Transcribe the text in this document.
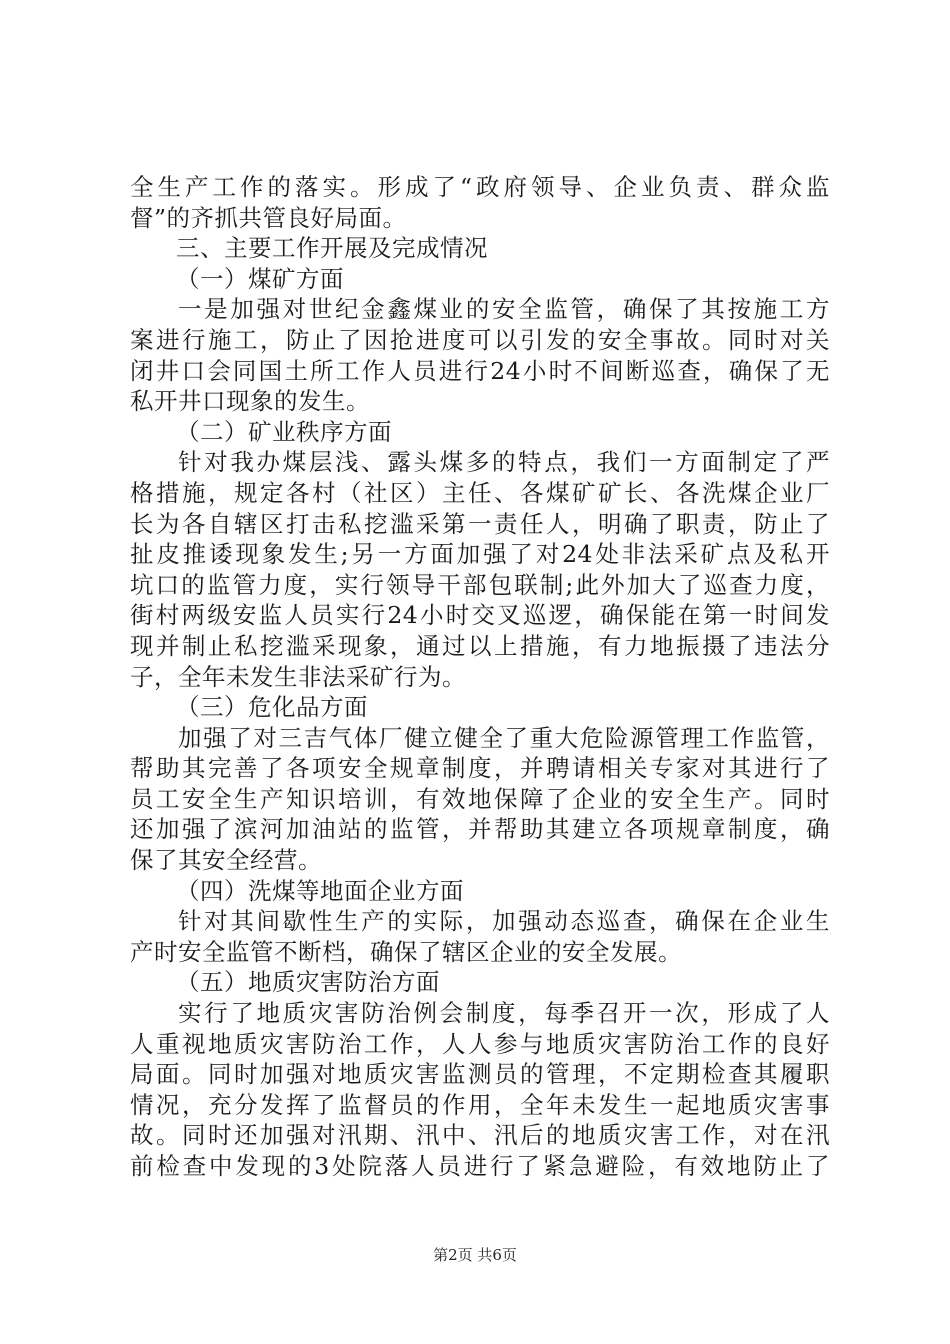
全生产工作的落实。形成了“政府领导、企业负责、群众监
督”的齐抓共管良好局面。
三、主要工作开展及完成情况
（一）煤矿方面
一是加强对世纪金鑫煤业的安全监管，确保了其按施工方
案进行施工，防止了因抢进度可以引发的安全事故。同时对关
闭井口会同国土所工作人员进行24小时不间断巡查，确保了无
私开井口现象的发生。
（二）矿业秩序方面
针对我办煤层浅、露头煤多的特点，我们一方面制定了严
格措施，规定各村（社区）主任、各煤矿矿长、各洗煤企业厂
长为各自辖区打击私挖滥采第一责任人，明确了职责，防止了
扯皮推诿现象发生;另一方面加强了对24处非法采矿点及私开
坑口的监管力度，实行领导干部包联制;此外加大了巡查力度，
街村两级安监人员实行24小时交叉巡逻，确保能在第一时间发
现并制止私挖滥采现象，通过以上措施，有力地振摄了违法分
子，全年未发生非法采矿行为。
（三）危化品方面
加强了对三吉气体厂健立健全了重大危险源管理工作监管，
帮助其完善了各项安全规章制度，并聘请相关专家对其进行了
员工安全生产知识培训，有效地保障了企业的安全生产。同时
还加强了滨河加油站的监管，并帮助其建立各项规章制度，确
保了其安全经营。
（四）洗煤等地面企业方面
针对其间歇性生产的实际，加强动态巡查，确保在企业生
产时安全监管不断档，确保了辖区企业的安全发展。
（五）地质灾害防治方面
实行了地质灾害防治例会制度，每季召开一次，形成了人
人重视地质灾害防治工作，人人参与地质灾害防治工作的良好
局面。同时加强对地质灾害监测员的管理，不定期检查其履职
情况，充分发挥了监督员的作用，全年未发生一起地质灾害事
故。同时还加强对汛期、汛中、汛后的地质灾害工作，对在汛
前检查中发现的3处院落人员进行了紧急避险，有效地防止了
第2页 共6页
